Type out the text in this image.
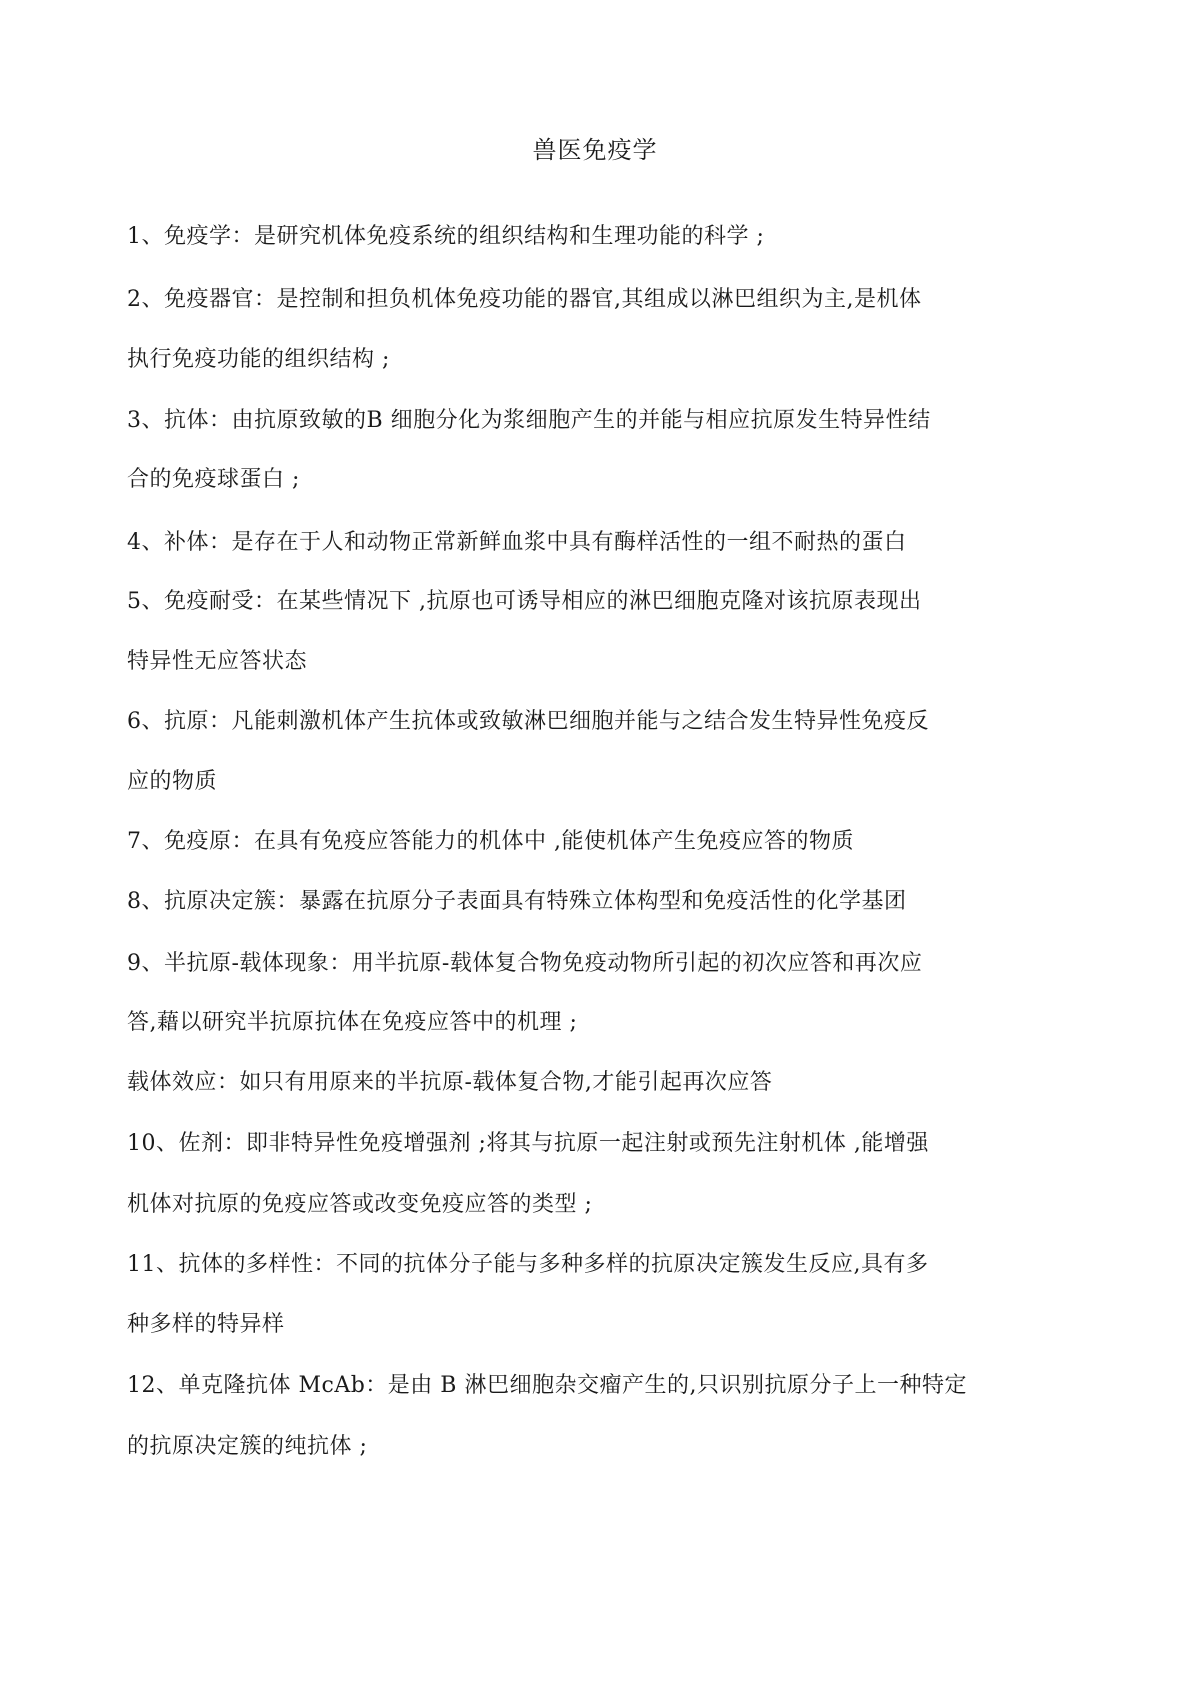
兽医免疫学
1、免疫学：是研究机体免疫系统的组织结构和生理功能的科学 ;
2、免疫器官：是控制和担负机体免疫功能的器官,其组成以淋巴组织为主,是机体
执行免疫功能的组织结构 ;
3、抗体：由抗原致敏的B 细胞分化为浆细胞产生的并能与相应抗原发生特异性结
合的免疫球蛋白 ;
4、补体：是存在于人和动物正常新鲜血浆中具有酶样活性的一组不耐热的蛋白
5、免疫耐受：在某些情况下 ,抗原也可诱导相应的淋巴细胞克隆对该抗原表现出
特异性无应答状态
6、抗原：凡能刺激机体产生抗体或致敏淋巴细胞并能与之结合发生特异性免疫反
应的物质
7、免疫原：在具有免疫应答能力的机体中 ,能使机体产生免疫应答的物质
8、抗原决定簇：暴露在抗原分子表面具有特殊立体构型和免疫活性的化学基团
9、半抗原-载体现象：用半抗原-载体复合物免疫动物所引起的初次应答和再次应
答,藉以研究半抗原抗体在免疫应答中的机理 ;
载体效应：如只有用原来的半抗原-载体复合物,才能引起再次应答
10、佐剂：即非特异性免疫增强剂 ;将其与抗原一起注射或预先注射机体 ,能增强
机体对抗原的免疫应答或改变免疫应答的类型 ;
11、抗体的多样性：不同的抗体分子能与多种多样的抗原决定簇发生反应,具有多
种多样的特异样
12、单克隆抗体 McAb：是由 B 淋巴细胞杂交瘤产生的,只识别抗原分子上一种特定
的抗原决定簇的纯抗体 ;
